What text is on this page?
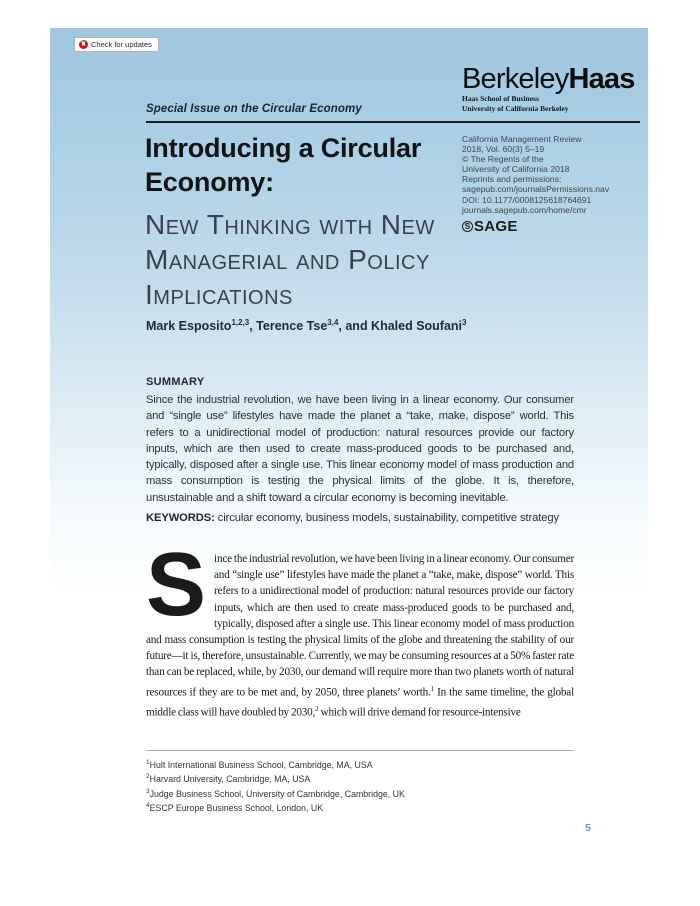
Check for updates
BerkeleyHaas
Haas School of Business
University of California Berkeley
Special Issue on the Circular Economy
California Management Review
2018, Vol. 60(3) 5–19
© The Regents of the
University of California 2018
Reprints and permissions:
sagepub.com/journalsPermissions.nav
DOI: 10.1177/0008125618764691
journals.sagepub.com/home/cmr
S SAGE
Introducing a Circular
Economy:
New Thinking with New
Managerial and Policy
Implications
Mark Esposito$^{1,2,3}$, Terence Tse$^{3,4}$, and Khaled Soufani$^3$
SUMMARY
Since the industrial revolution, we have been living in a linear economy. Our consumer and “single use” lifestyles have made the planet a “take, make, dispose” world. This refers to a unidirectional model of production: natural resources provide our factory inputs, which are then used to create mass-produced goods to be purchased and, typically, disposed after a single use. This linear economy model of mass production and mass consumption is testing the physical limits of the globe. It is, therefore, unsustainable and a shift toward a circular economy is becoming inevitable.
KEYWORDS: circular economy, business models, sustainability, competitive strategy
Since the industrial revolution, we have been living in a linear economy. Our consumer and “single use” lifestyles have made the planet a “take, make, dispose” world. This refers to a unidirectional model of production: natural resources provide our factory inputs, which are then used to create mass-produced goods to be purchased and, typically, disposed after a single use. This linear economy model of mass production and mass consumption is testing the physical limits of the globe and threatening the stability of our future—it is, therefore, unsustainable. Currently, we may be consuming resources at a 50% faster rate than can be replaced, while, by 2030, our demand will require more than two planets worth of natural resources if they are to be met and, by 2050, three planets’ worth.$^1$ In the same timeline, the global middle class will have doubled by 2030,$^2$ which will drive demand for resource-intensive
$^1$Hult International Business School, Cambridge, MA, USA
$^2$Harvard University, Cambridge, MA, USA
$^3$Judge Business School, University of Cambridge, Cambridge, UK
$^4$ESCP Europe Business School, London, UK
5
